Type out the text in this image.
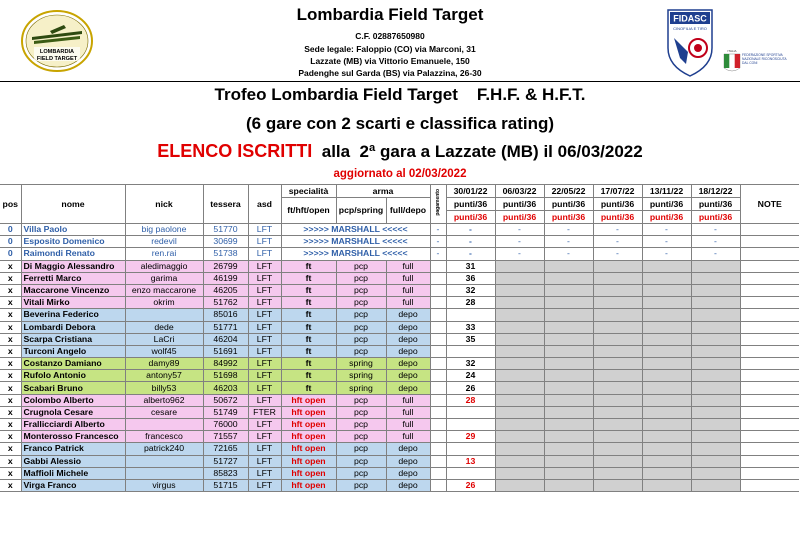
LOMBARDIA
FIELD TARGET
Lombardia Field Target
C.F. 02887650980
Sede legale: Faloppio (CO) via Marconi, 31
Lazzate (MB) via Vittorio Emanuele, 150
Padenghe sul Garda (BS) via Palazzina, 26-30
FIDASC
CINOFILIA E TIRO
ITALIA
FEDERAZIONE SPORTIVA NAZIONALE RICONOSCIUTA DAL CONI
Trofeo Lombardia Field Target    F.H.F. & H.F.T.
(6 gare con 2 scarti e classifica rating)
ELENCO ISCRITTI  alla  2ª gara a Lazzate (MB) il 06/03/2022
aggiornato al 02/03/2022
pos	nome	nick	tessera	asd	specialità	arma		pagamento	30/01/22	06/03/22	22/05/22	17/07/22	13/11/22	18/12/22	NOTE
					ft/hft/open	pcp/spring	full/depo		punti/36	punti/36	punti/36	punti/36	punti/36	punti/36	
									punti/36	punti/36	punti/36	punti/36	punti/36	punti/36	
0	Villa Paolo	big paolone	51770	LFT	>>>>> MARSHALL <<<<<			-	-	-	-	-	-	-	
0	Esposito Domenico	redevil	30699	LFT	>>>>> MARSHALL <<<<<			-	-	-	-	-	-	-	
0	Raimondi Renato	ren.rai	51738	LFT	>>>>> MARSHALL <<<<<			-	-	-	-	-	-	-	
x	Di Maggio Alessandro	aledimaggio	26799	LFT	ft	pcp	full		31						
x	Ferretti Marco	garima	46199	LFT	ft	pcp	full		36						
x	Maccarone Vincenzo	enzo maccarone	46205	LFT	ft	pcp	full		32						
x	Vitali Mirko	okrim	51762	LFT	ft	pcp	full		28						
x	Beverina Federico		85016	LFT	ft	pcp	depo								
x	Lombardi Debora	dede	51771	LFT	ft	pcp	depo		33						
x	Scarpa Cristiana	LaCri	46204	LFT	ft	pcp	depo		35						
x	Turconi Angelo	wolf45	51691	LFT	ft	pcp	depo								
x	Costanzo Damiano	damy89	84992	LFT	ft	spring	depo		32						
x	Rufolo Antonio	antony57	51698	LFT	ft	spring	depo		24						
x	Scabari Bruno	billy53	46203	LFT	ft	spring	depo		26						
x	Colombo Alberto	alberto962	50672	LFT	hft open	pcp	full		28						
x	Crugnola Cesare	cesare	51749	FTER	hft open	pcp	full								
x	Frallicciardi Alberto		76000	LFT	hft open	pcp	full								
x	Monterosso Francesco	francesco	71557	LFT	hft open	pcp	full		29						
x	Franco Patrick	patrick240	72165	LFT	hft open	pcp	depo								
x	Gabbi Alessio		51727	LFT	hft open	pcp	depo		13						
x	Maffioli Michele		85823	LFT	hft open	pcp	depo								
x	Virga Franco	virgus	51715	LFT	hft open	pcp	depo		26						
